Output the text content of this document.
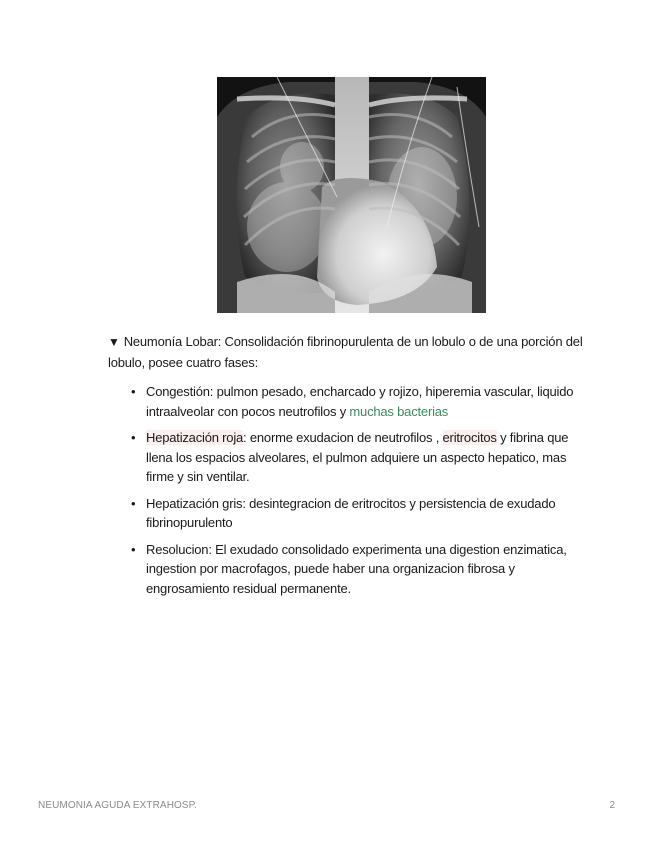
▼ Neumonía Lobar: Consolidación fibrinopurulenta de un lobulo o de una porción del lobulo, posee cuatro fases:

• Congestión: pulmon pesado, encharcado y rojizo, hiperemia vascular, liquido intraalveolar con pocos neutrofilos y muchas bacterias
• Hepatización roja: enorme exudacion de neutrofilos , eritrocitos y fibrina que llena los espacios alveolares, el pulmon adquiere un aspecto hepatico, mas firme y sin ventilar.
• Hepatización gris: desintegracion de eritrocitos y persistencia de exudado fibrinopurulento
• Resolucion: El exudado consolidado experimenta una digestion enzimatica, ingestion por macrofagos, puede haber una organizacion fibrosa y engrosamiento residual permanente.
NEUMONIA AGUDA EXTRAHOSP.	2
